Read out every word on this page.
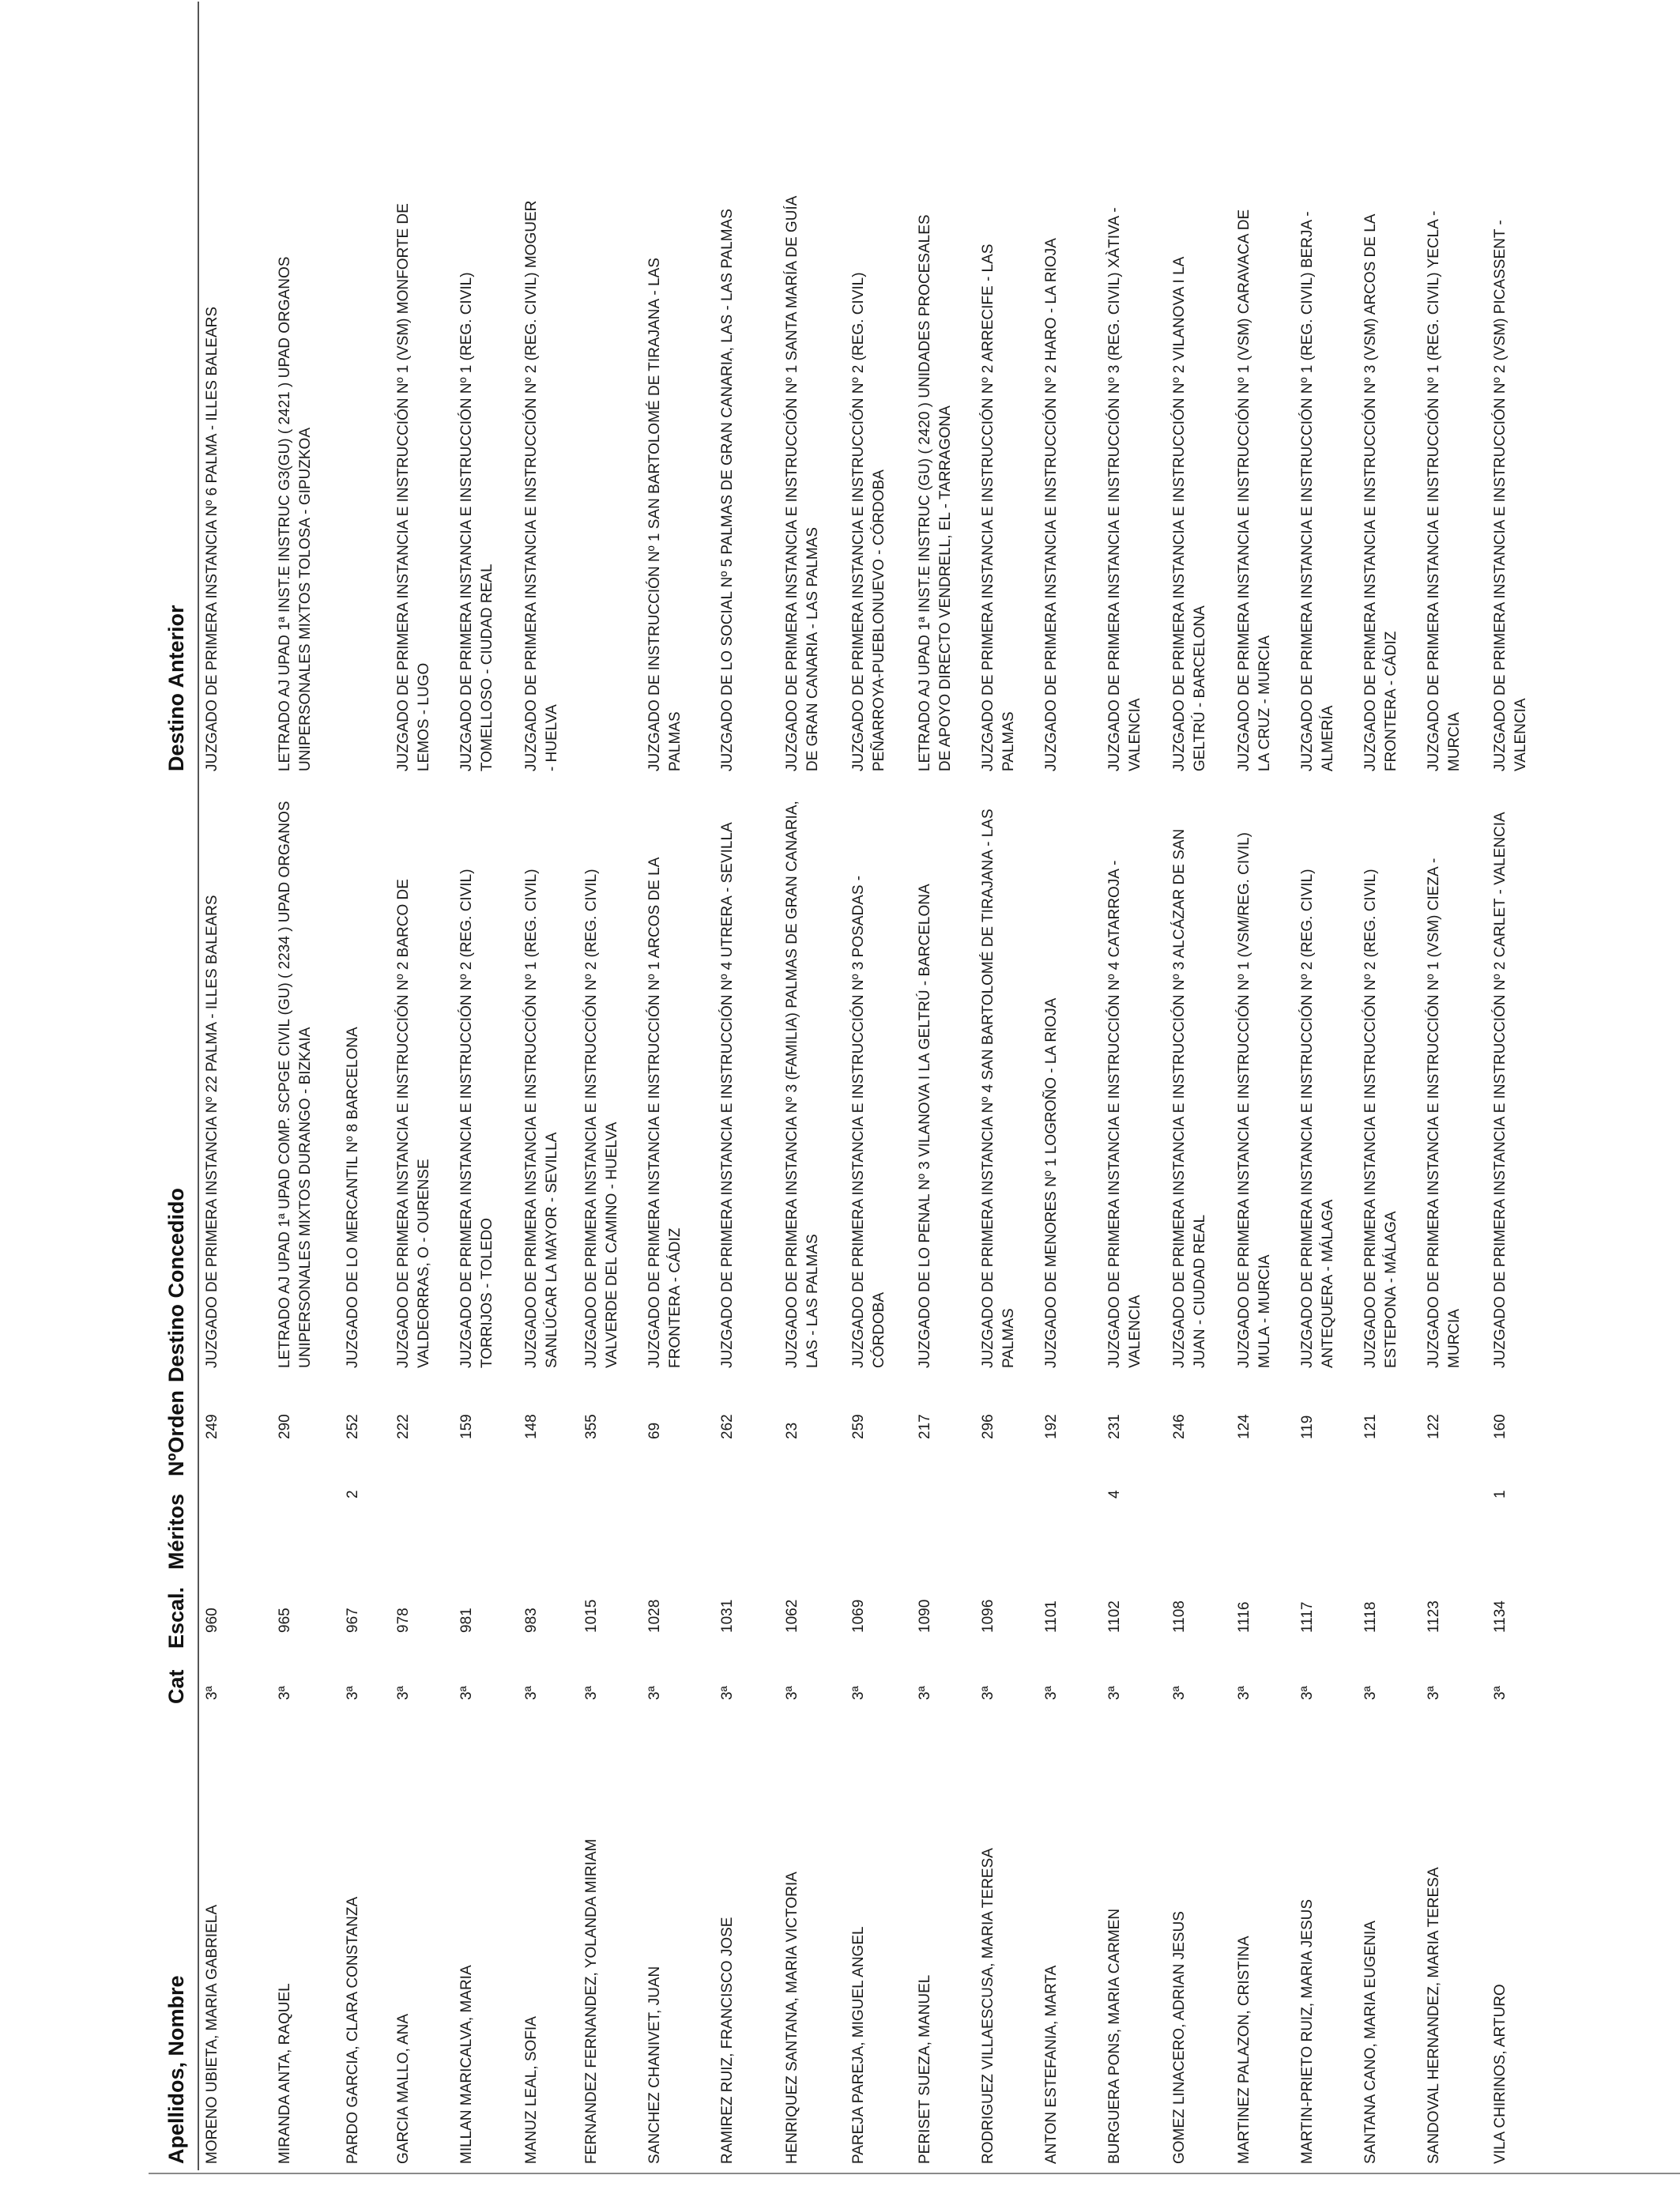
Apellidos, Nombre
Cat
Escal.
Méritos
NºOrden
Destino Concedido
Destino Anterior
MORENO UBIETA, MARIA GABRIELA
3ª
960
249
JUZGADO DE PRIMERA INSTANCIA Nº 22 PALMA - ILLES BALEARS
JUZGADO DE PRIMERA INSTANCIA Nº 6 PALMA - ILLES BALEARS
MIRANDA ANTA, RAQUEL
3ª
965
290
LETRADO AJ UPAD 1ª UPAD COMP. SCPGE CIVIL (GU) ( 2234 ) UPAD ORGANOS UNIPERSONALES MIXTOS DURANGO - BIZKAIA
LETRADO AJ UPAD 1ª INST.E INSTRUC G3(GU) ( 2421 ) UPAD ORGANOS UNIPERSONALES MIXTOS TOLOSA - GIPUZKOA
PARDO GARCIA, CLARA CONSTANZA
3ª
967
2
252
JUZGADO DE LO MERCANTIL Nº 8 BARCELONA
GARCIA MALLO, ANA
3ª
978
222
JUZGADO DE PRIMERA INSTANCIA E INSTRUCCIÓN Nº 2 BARCO DE VALDEORRAS, O - OURENSE
JUZGADO DE PRIMERA INSTANCIA E INSTRUCCIÓN Nº 1 (VSM) MONFORTE DE LEMOS - LUGO
MILLAN MARICALVA, MARIA
3ª
981
159
JUZGADO DE PRIMERA INSTANCIA E INSTRUCCIÓN Nº 2 (REG. CIVIL) TORRIJOS - TOLEDO
JUZGADO DE PRIMERA INSTANCIA E INSTRUCCIÓN Nº 1 (REG. CIVIL) TOMELLOSO - CIUDAD REAL
MANUZ LEAL, SOFIA
3ª
983
148
JUZGADO DE PRIMERA INSTANCIA E INSTRUCCIÓN Nº 1 (REG. CIVIL) SANLÚCAR LA MAYOR - SEVILLA
JUZGADO DE PRIMERA INSTANCIA E INSTRUCCIÓN Nº 2 (REG. CIVIL) MOGUER - HUELVA
FERNANDEZ FERNANDEZ, YOLANDA MIRIAM
3ª
1015
355
JUZGADO DE PRIMERA INSTANCIA E INSTRUCCIÓN Nº 2 (REG. CIVIL) VALVERDE DEL CAMINO - HUELVA
SANCHEZ CHANIVET, JUAN
3ª
1028
69
JUZGADO DE PRIMERA INSTANCIA E INSTRUCCIÓN Nº 1 ARCOS DE LA FRONTERA - CÁDIZ
JUZGADO DE INSTRUCCIÓN Nº 1 SAN BARTOLOMÉ DE TIRAJANA - LAS PALMAS
RAMIREZ RUIZ, FRANCISCO JOSE
3ª
1031
262
JUZGADO DE PRIMERA INSTANCIA E INSTRUCCIÓN Nº 4 UTRERA - SEVILLA
JUZGADO DE LO SOCIAL Nº 5 PALMAS DE GRAN CANARIA, LAS - LAS PALMAS
HENRIQUEZ SANTANA, MARIA VICTORIA
3ª
1062
23
JUZGADO DE PRIMERA INSTANCIA Nº 3 (FAMILIA) PALMAS DE GRAN CANARIA, LAS - LAS PALMAS
JUZGADO DE PRIMERA INSTANCIA E INSTRUCCIÓN Nº 1 SANTA MARÍA DE GUÍA DE GRAN CANARIA - LAS PALMAS
PAREJA PAREJA, MIGUEL ANGEL
3ª
1069
259
JUZGADO DE PRIMERA INSTANCIA E INSTRUCCIÓN Nº 3 POSADAS - CÓRDOBA
JUZGADO DE PRIMERA INSTANCIA E INSTRUCCIÓN Nº 2 (REG. CIVIL) PEÑARROYA-PUEBLONUEVO - CÓRDOBA
PERISET SUEZA, MANUEL
3ª
1090
217
JUZGADO DE LO PENAL Nº 3 VILANOVA I LA GELTRÚ - BARCELONA
LETRADO AJ UPAD 1ª INST.E INSTRUC (GU) ( 2420 ) UNIDADES PROCESALES DE APOYO DIRECTO VENDRELL, EL - TARRAGONA
RODRIGUEZ VILLAESCUSA, MARIA TERESA
3ª
1096
296
JUZGADO DE PRIMERA INSTANCIA Nº 4 SAN BARTOLOMÉ DE TIRAJANA - LAS PALMAS
JUZGADO DE PRIMERA INSTANCIA E INSTRUCCIÓN Nº 2 ARRECIFE - LAS PALMAS
ANTON ESTEFANIA, MARTA
3ª
1101
192
JUZGADO DE MENORES Nº 1 LOGROÑO - LA RIOJA
JUZGADO DE PRIMERA INSTANCIA E INSTRUCCIÓN Nº 2 HARO - LA RIOJA
BURGUERA PONS, MARIA CARMEN
3ª
1102
4
231
JUZGADO DE PRIMERA INSTANCIA E INSTRUCCIÓN Nº 4 CATARROJA - VALENCIA
JUZGADO DE PRIMERA INSTANCIA E INSTRUCCIÓN Nº 3 (REG. CIVIL) XÀTIVA - VALENCIA
GOMEZ LINACERO, ADRIAN JESUS
3ª
1108
246
JUZGADO DE PRIMERA INSTANCIA E INSTRUCCIÓN Nº 3 ALCÁZAR DE SAN JUAN - CIUDAD REAL
JUZGADO DE PRIMERA INSTANCIA E INSTRUCCIÓN Nº 2 VILANOVA I LA GELTRÚ - BARCELONA
MARTINEZ PALAZON, CRISTINA
3ª
1116
124
JUZGADO DE PRIMERA INSTANCIA E INSTRUCCIÓN Nº 1 (VSM/REG. CIVIL) MULA - MURCIA
JUZGADO DE PRIMERA INSTANCIA E INSTRUCCIÓN Nº 1 (VSM) CARAVACA DE LA CRUZ - MURCIA
MARTIN-PRIETO RUIZ, MARIA JESUS
3ª
1117
119
JUZGADO DE PRIMERA INSTANCIA E INSTRUCCIÓN Nº 2 (REG. CIVIL) ANTEQUERA - MÁLAGA
JUZGADO DE PRIMERA INSTANCIA E INSTRUCCIÓN Nº 1 (REG. CIVIL) BERJA - ALMERÍA
SANTANA CANO, MARIA EUGENIA
3ª
1118
121
JUZGADO DE PRIMERA INSTANCIA E INSTRUCCIÓN Nº 2 (REG. CIVIL) ESTEPONA - MÁLAGA
JUZGADO DE PRIMERA INSTANCIA E INSTRUCCIÓN Nº 3 (VSM) ARCOS DE LA FRONTERA - CÁDIZ
SANDOVAL HERNANDEZ, MARIA TERESA
3ª
1123
122
JUZGADO DE PRIMERA INSTANCIA E INSTRUCCIÓN Nº 1 (VSM) CIEZA - MURCIA
JUZGADO DE PRIMERA INSTANCIA E INSTRUCCIÓN Nº 1 (REG. CIVIL) YECLA - MURCIA
VILA CHIRINOS, ARTURO
3ª
1134
1
160
JUZGADO DE PRIMERA INSTANCIA E INSTRUCCIÓN Nº 2 CARLET - VALENCIA
JUZGADO DE PRIMERA INSTANCIA E INSTRUCCIÓN Nº 2 (VSM) PICASSENT - VALENCIA
